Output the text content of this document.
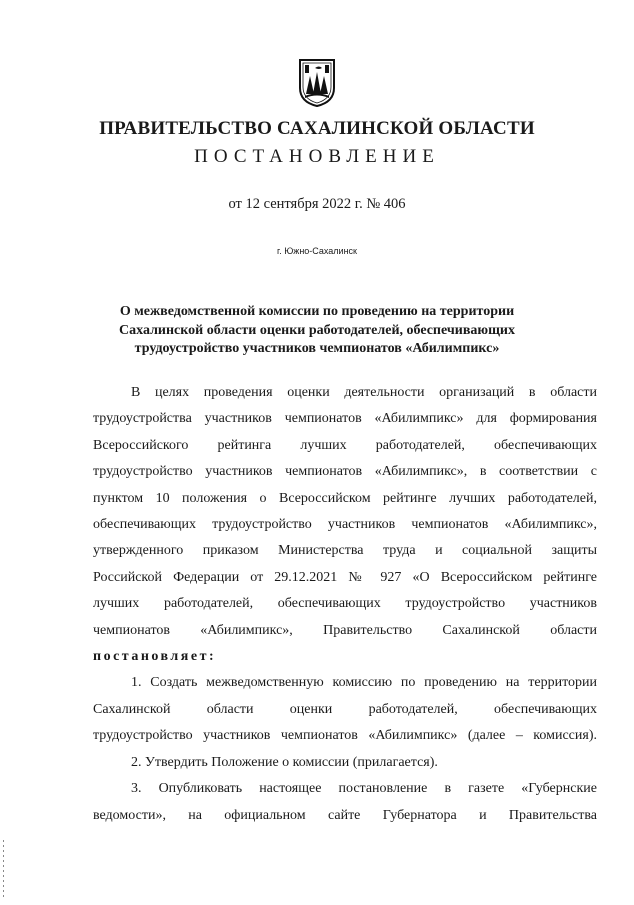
ПРАВИТЕЛЬСТВО САХАЛИНСКОЙ ОБЛАСТИ
ПОСТАНОВЛЕНИЕ
от 12 сентября 2022 г. № 406
г. Южно-Сахалинск
О межведомственной комиссии по проведению на территории
Сахалинской области оценки работодателей, обеспечивающих
трудоустройство участников чемпионатов «Абилимпикс»
В целях проведения оценки деятельности организаций в области
трудоустройства участников чемпионатов «Абилимпикс» для формирования
Всероссийского рейтинга лучших работодателей, обеспечивающих
трудоустройство участников чемпионатов «Абилимпикс», в соответствии с
пунктом 10 положения о Всероссийском рейтинге лучших работодателей,
обеспечивающих трудоустройство участников чемпионатов «Абилимпикс»,
утвержденного приказом Министерства труда и социальной защиты
Российской Федерации от 29.12.2021 № 927 «О Всероссийском рейтинге
лучших работодателей, обеспечивающих трудоустройство участников
чемпионатов «Абилимпикс», Правительство Сахалинской области
постановляет:
1. Создать межведомственную комиссию по проведению на территории
Сахалинской области оценки работодателей, обеспечивающих
трудоустройство участников чемпионатов «Абилимпикс» (далее – комиссия).
2. Утвердить Положение о комиссии (прилагается).
3. Опубликовать настоящее постановление в газете «Губернские
ведомости», на официальном сайте Губернатора и Правительства
